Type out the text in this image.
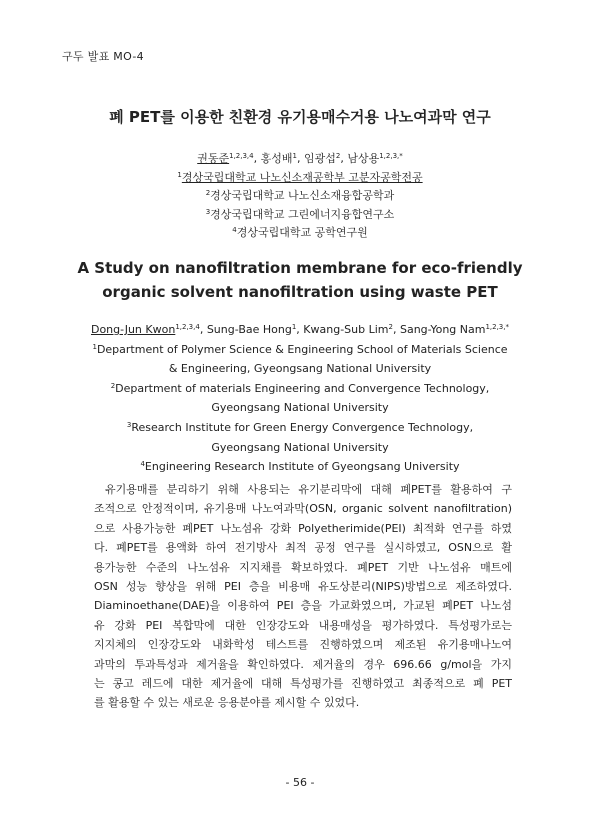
구두 발표 MO-4
폐 PET를 이용한 친환경 유기용매수거용 나노여과막 연구
권동준$^{1,2,3,4}$, 홍성배$^1$, 임광섭$^2$, 남상용$^{1,2,3,*}$
$^1$경상국립대학교 나노신소재공학부 고분자공학전공
$^2$경상국립대학교 나노신소재융합공학과
$^3$경상국립대학교 그린에너지융합연구소
$^4$경상국립대학교 공학연구원
A Study on nanofiltration membrane for eco-friendly
organic solvent nanofiltration using waste PET
Dong-Jun Kwon$^{1,2,3,4}$, Sung-Bae Hong$^1$, Kwang-Sub Lim$^2$, Sang-Yong Nam$^{1,2,3,*}$
$^1$Department of Polymer Science & Engineering School of Materials Science
& Engineering, Gyeongsang National University
$^2$Department of materials Engineering and Convergence Technology,
Gyeongsang National University
$^3$Research Institute for Green Energy Convergence Technology,
Gyeongsang National University
$^4$Engineering Research Institute of Gyeongsang University
유기용매를 분리하기 위해 사용되는 유기분리막에 대해 폐PET를 활용하여 구
조적으로 안정적이며, 유기용매 나노여과막(OSN, organic solvent nanofiltration)
으로 사용가능한 폐PET 나노섬유 강화 Polyetherimide(PEI) 최적화 연구를 하였
다. 폐PET를 용액화 하여 전기방사 최적 공정 연구를 실시하였고, OSN으로 활
용가능한 수준의 나노섬유 지지채를 확보하였다. 폐PET 기반 나노섬유 매트에
OSN 성능 향상을 위해 PEI 층을 비용매 유도상분리(NIPS)방법으로 제조하였다.
Diaminoethane(DAE)을 이용하여 PEI 층을 가교화였으며, 가교된 폐PET 나노섬
유 강화 PEI 복합막에 대한 인장강도와 내용매성을 평가하였다. 특성평가로는
지지체의 인장강도와 내화학성 테스트를 진행하였으며 제조된 유기용매나노여
과막의 투과특성과 제거율을 확인하였다. 제거율의 경우 696.66 g/mol을 가지
는 콩고 레드에 대한 제거율에 대해 특성평가를 진행하였고 최종적으로 폐 PET
를 활용할 수 있는 새로운 응용분야를 제시할 수 있었다.
- 56 -
